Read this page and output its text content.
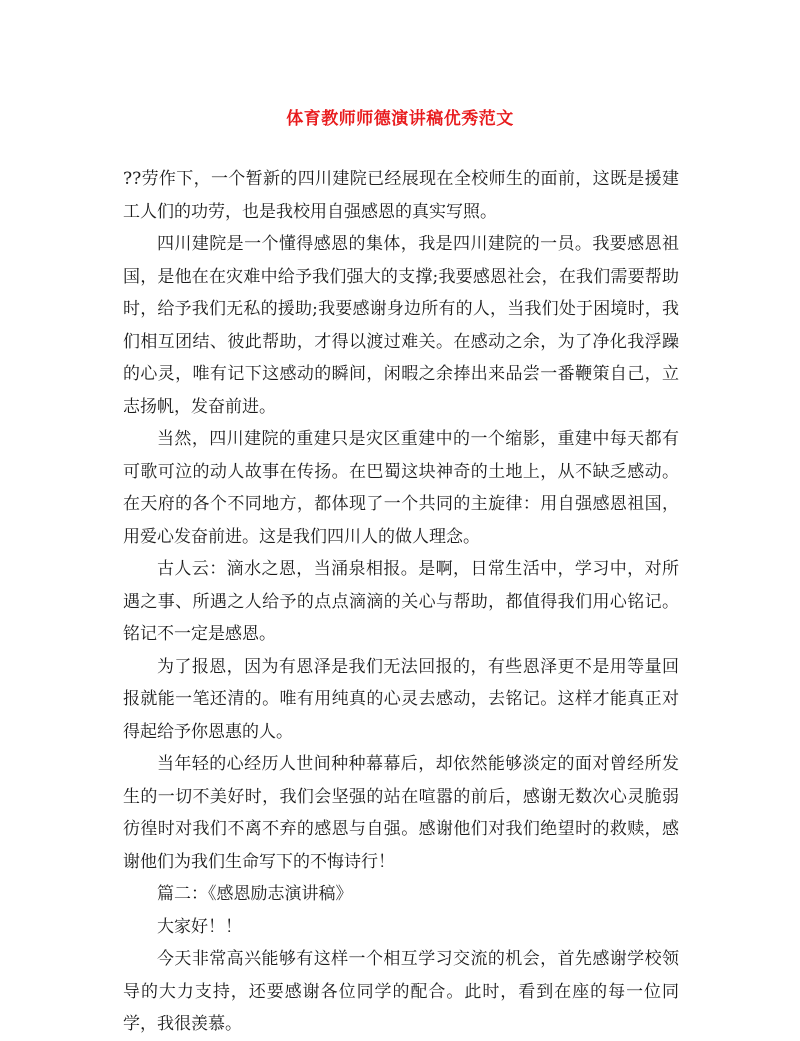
体育教师师德演讲稿优秀范文

??劳作下，一个暂新的四川建院已经展现在全校师生的面前，这既是援建工人们的功劳，也是我校用自强感恩的真实写照。

四川建院是一个懂得感恩的集体，我是四川建院的一员。我要感恩祖国，是他在在灾难中给予我们强大的支撑;我要感恩社会，在我们需要帮助时，给予我们无私的援助;我要感谢身边所有的人，当我们处于困境时，我们相互团结、彼此帮助，才得以渡过难关。在感动之余，为了净化我浮躁的心灵，唯有记下这感动的瞬间，闲暇之余捧出来品尝一番鞭策自己，立志扬帆，发奋前进。

当然，四川建院的重建只是灾区重建中的一个缩影，重建中每天都有可歌可泣的动人故事在传扬。在巴蜀这块神奇的土地上，从不缺乏感动。在天府的各个不同地方，都体现了一个共同的主旋律：用自强感恩祖国，用爱心发奋前进。这是我们四川人的做人理念。

古人云：滴水之恩，当涌泉相报。是啊，日常生活中，学习中，对所遇之事、所遇之人给予的点点滴滴的关心与帮助，都值得我们用心铭记。铭记不一定是感恩。

为了报恩，因为有恩泽是我们无法回报的，有些恩泽更不是用等量回报就能一笔还清的。唯有用纯真的心灵去感动，去铭记。这样才能真正对得起给予你恩惠的人。

当年轻的心经历人世间种种幕幕后，却依然能够淡定的面对曾经所发生的一切不美好时，我们会坚强的站在喧嚣的前后，感谢无数次心灵脆弱彷徨时对我们不离不弃的感恩与自强。感谢他们对我们绝望时的救赎，感谢他们为我们生命写下的不悔诗行！

篇二：《感恩励志演讲稿》

大家好！！

今天非常高兴能够有这样一个相互学习交流的机会，首先感谢学校领导的大力支持，还要感谢各位同学的配合。此时，看到在座的每一位同学，我很羡慕。
